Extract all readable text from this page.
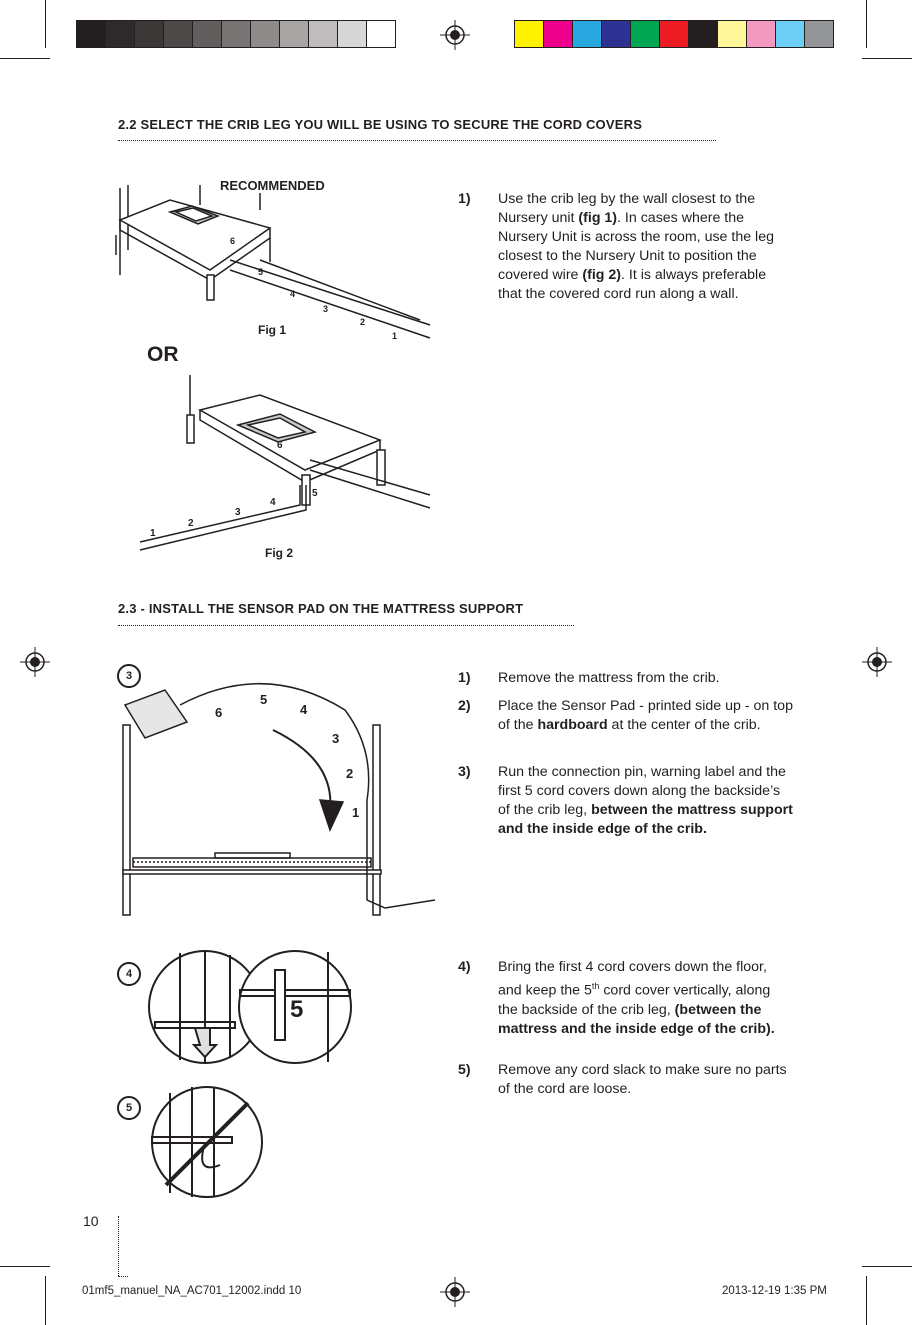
2.2 SELECT THE CRIB LEG YOU WILL BE USING TO SECURE THE CORD COVERS
RECOMMENDED
6
5
4
3
2
1
Fig 1
OR
6
5
4
3
2
1
Fig 2
1)	Use the crib leg by the wall closest to the Nursery unit (fig 1). In cases where the Nursery Unit is across the room, use the leg closest to the Nursery Unit to position the covered wire (fig 2). It is always preferable that the covered cord run along a wall.
2.3 - INSTALL THE SENSOR PAD ON THE MATTRESS SUPPORT
6
5
4
3
2
1
3
5
4
5
1)	Remove the mattress from the crib.
2)	Place the Sensor Pad - printed side up - on top of the hardboard at the center of the crib.
3)	Run the connection pin, warning label and the first 5 cord covers down along the backside’s of the crib leg, between the mattress support and the inside edge of the crib.
4)	Bring the first 4 cord covers down the floor, and keep the 5th cord cover vertically, along the backside of the crib leg, (between the mattress and the inside edge of the crib).
5)	Remove any cord slack to make sure no parts of the cord are loose.
10
01mf5_manuel_NA_AC701_12002.indd 10	2013-12-19 1:35 PM
